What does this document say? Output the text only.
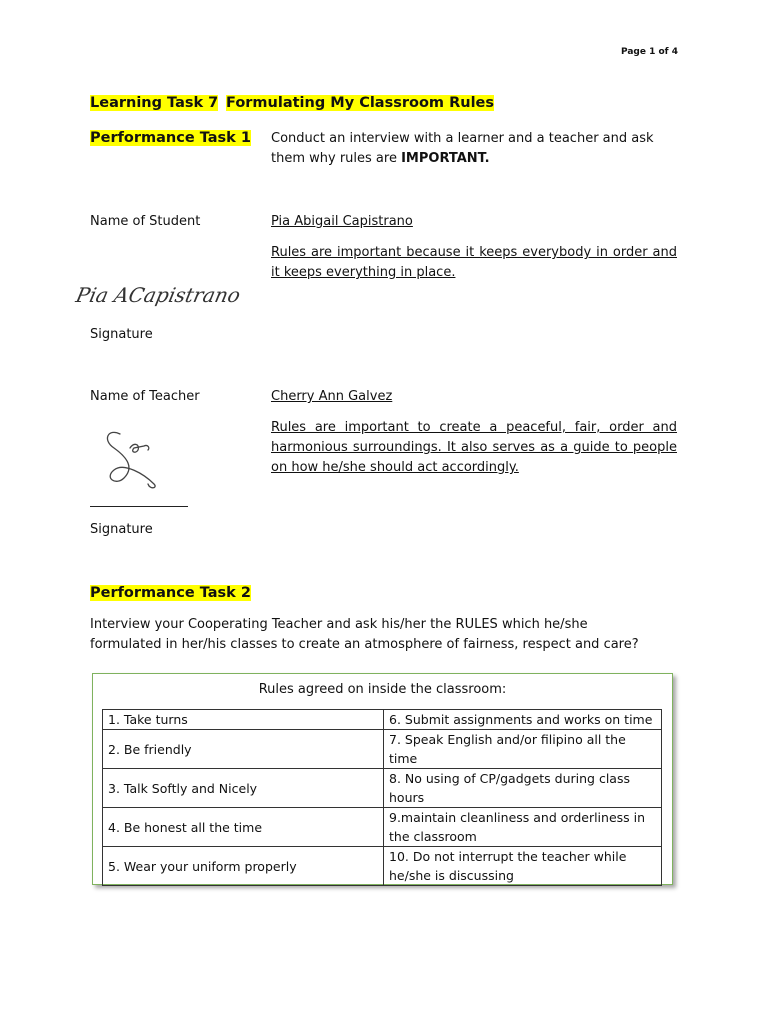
Page 1 of 4
Learning Task 7 Formulating My Classroom Rules
Performance Task 1 Conduct an interview with a learner and a teacher and ask them why rules are IMPORTANT.
Name of Student	Pia Abigail Capistrano
Rules are important because it keeps everybody in order and it keeps everything in place.
Pia ACapistrano
Signature
Name of Teacher	Cherry Ann Galvez
Rules are important to create a peaceful, fair, order and harmonious surroundings. It also serves as a guide to people on how he/she should act accordingly.
Signature
Performance Task 2
Interview your Cooperating Teacher and ask his/her the RULES which he/she formulated in her/his classes to create an atmosphere of fairness, respect and care?
Rules agreed on inside the classroom:
1. Take turns	6. Submit assignments and works on time
2. Be friendly	7. Speak English and/or filipino all the time
3. Talk Softly and Nicely	8. No using of CP/gadgets during class hours
4. Be honest all the time	9.maintain cleanliness and orderliness in the classroom
5. Wear your uniform properly	10. Do not interrupt the teacher while he/she is discussing
